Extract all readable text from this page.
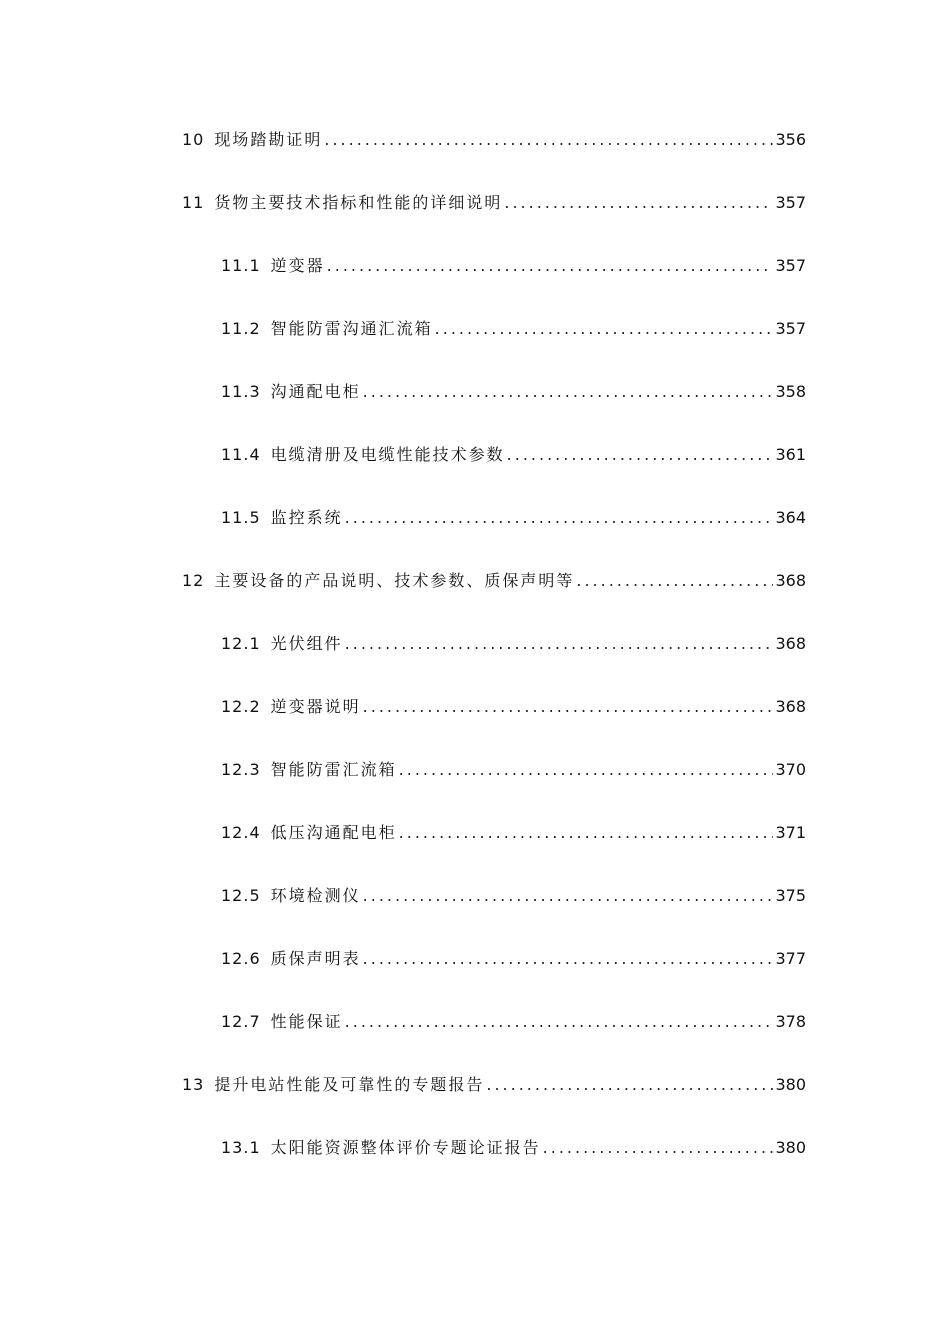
10 现场踏勘证明 .....	356
11 货物主要技术指标和性能的详细说明 .....	357
11.1 逆变器 .....	357
11.2 智能防雷沟通汇流箱 .....	357
11.3 沟通配电柜 .....	358
11.4 电缆清册及电缆性能技术参数 .....	361
11.5 监控系统 .....	364
12 主要设备的产品说明、技术参数、质保声明等 .....	368
12.1 光伏组件 .....	368
12.2 逆变器说明 .....	368
12.3 智能防雷汇流箱 .....	370
12.4 低压沟通配电柜 .....	371
12.5 环境检测仪 .....	375
12.6 质保声明表 .....	377
12.7 性能保证 .....	378
13 提升电站性能及可靠性的专题报告 .....	380
13.1 太阳能资源整体评价专题论证报告 .....	380
